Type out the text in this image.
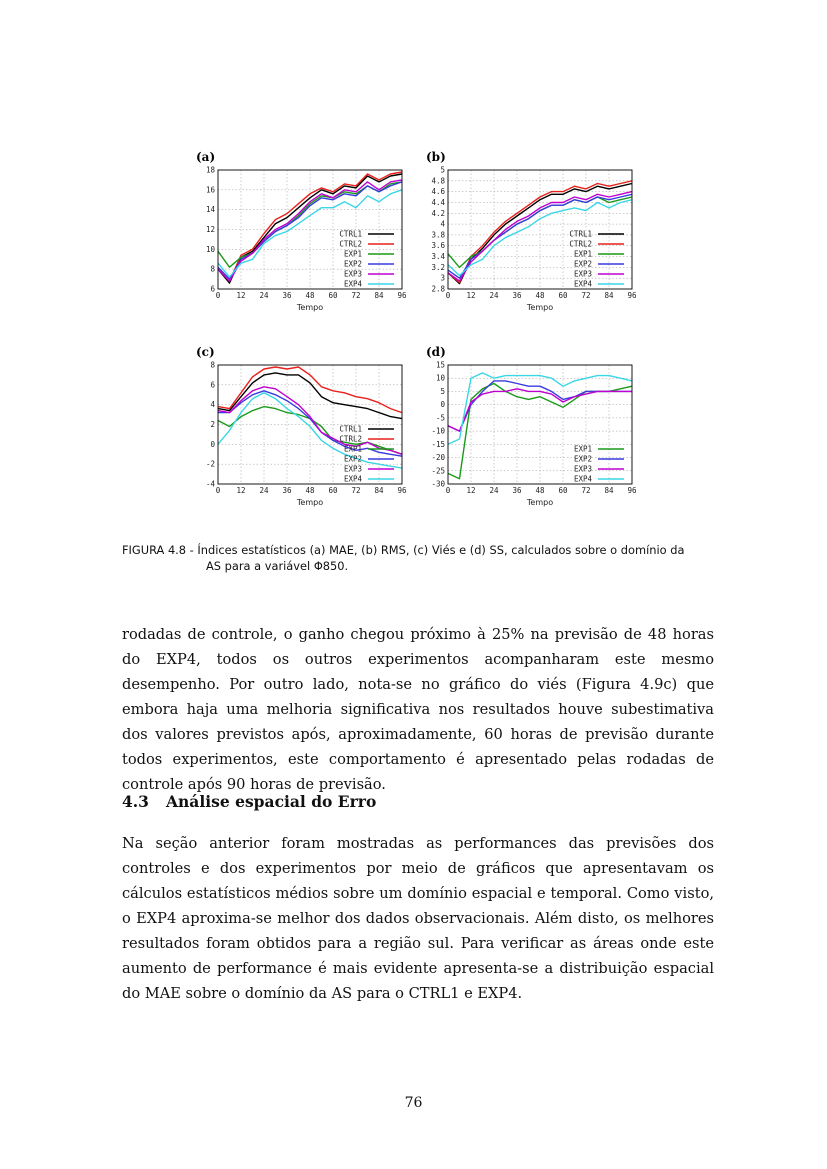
(a)
6
8
10
12
14
16
18
0 12 24 36 48 60 72 84 96
CTRL1
CTRL2
EXP1
EXP2
EXP3
EXP4
Tempo
(b)
2.8
3
3.2
3.4
3.6
3.8
4
4.2
4.4
4.6
4.8
5
0 12 24 36 48 60 72 84 96
CTRL1
CTRL2
EXP1
EXP2
EXP3
EXP4
Tempo
(c)
-4
-2
0
2
4
6
8
0 12 24 36 48 60 72 84 96
CTRL1
CTRL2
EXP1
EXP2
EXP3
EXP4
Tempo
(d)
-30
-25
-20
-15
-10
-5
0
5
10
15
0 12 24 36 48 60 72 84 96
EXP1
EXP2
EXP3
EXP4
Tempo
FIGURA 4.8 - Índices estatísticos (a) MAE, (b) RMS, (c) Viés e (d) SS, calculados sobre o domínio da
AS para a variável Φ850.

rodadas de controle, o ganho chegou próximo à 25% na previsão de 48 horas do EXP4, todos os outros experimentos acompanharam este mesmo desempenho. Por outro lado, nota-se no gráfico do viés (Figura 4.9c) que embora haja uma melhoria significativa nos resultados houve subestimativa dos valores previstos após, aproximadamente, 60 horas de previsão durante todos experimentos, este comportamento é apresentado pelas rodadas de controle após 90 horas de previsão.

4.3 Análise espacial do Erro

Na seção anterior foram mostradas as performances das previsões dos controles e dos experimentos por meio de gráficos que apresentavam os cálculos estatísticos médios sobre um domínio espacial e temporal. Como visto, o EXP4 aproxima-se melhor dos dados observacionais. Além disto, os melhores resultados foram obtidos para a região sul. Para verificar as áreas onde este aumento de performance é mais evidente apresenta-se a distribuição espacial do MAE sobre o domínio da AS para o CTRL1 e EXP4.

76
